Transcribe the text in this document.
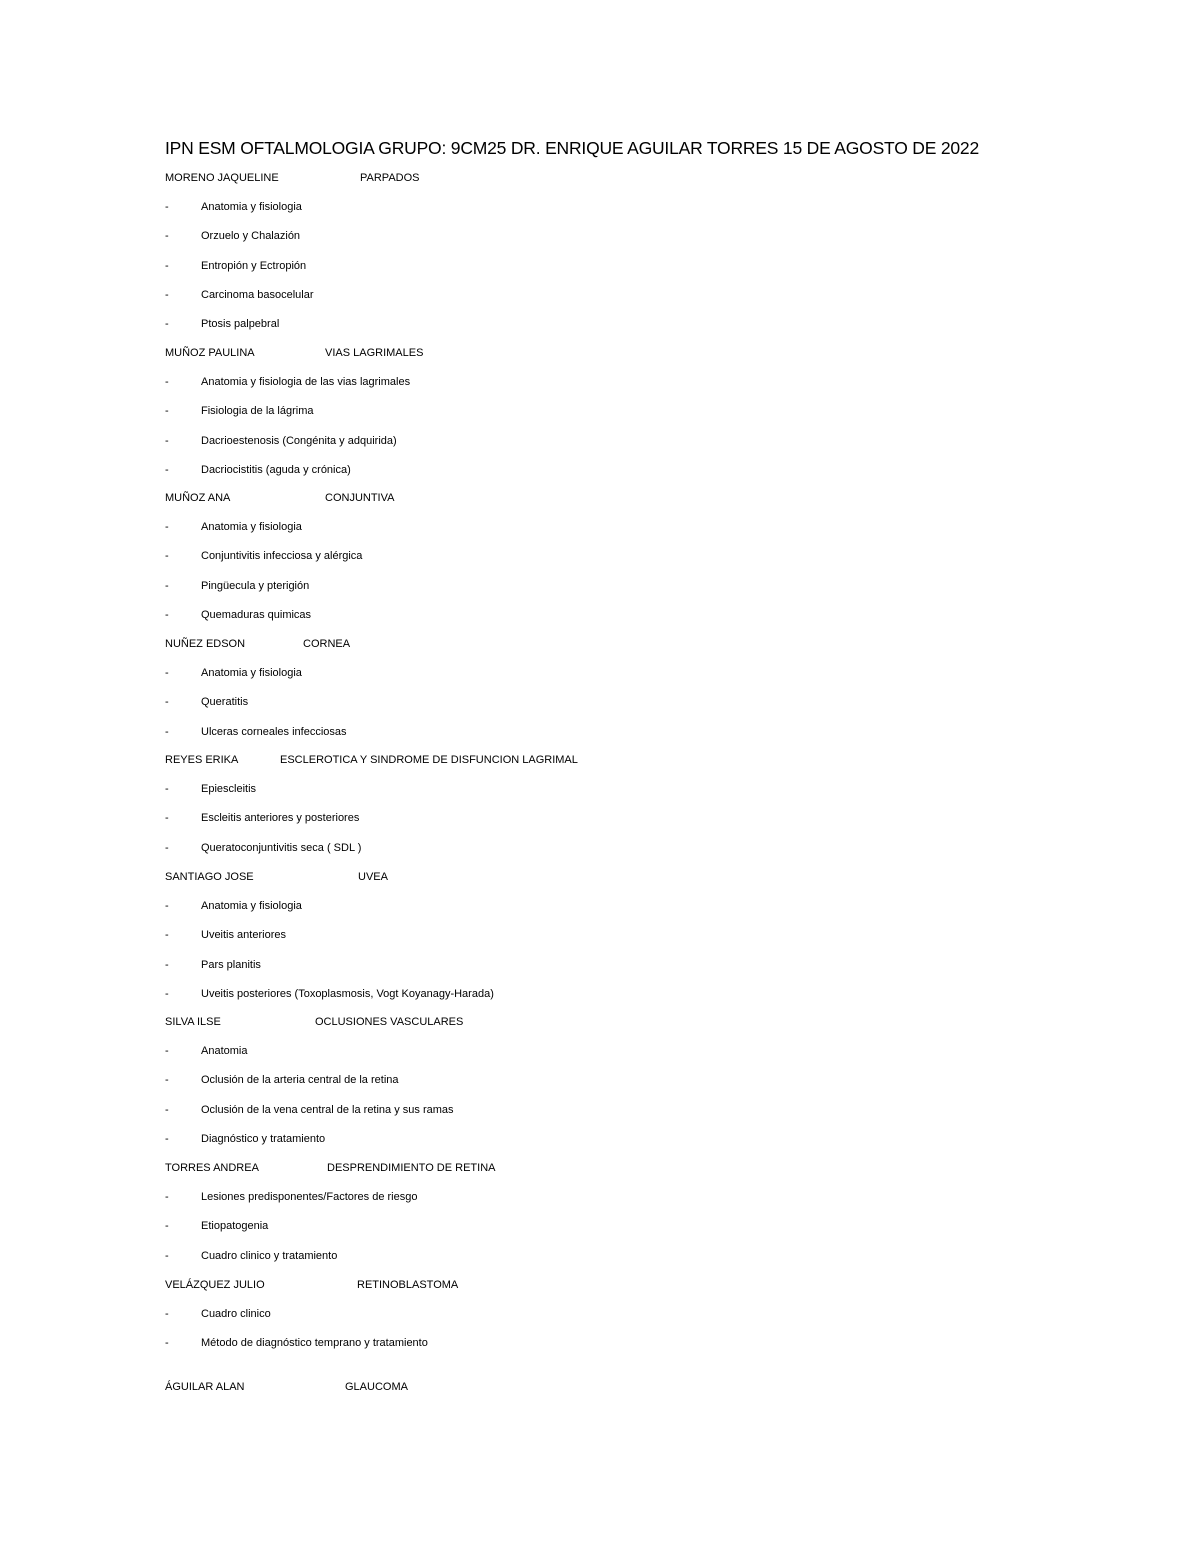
IPN ESM OFTALMOLOGIA GRUPO: 9CM25 DR. ENRIQUE AGUILAR TORRES 15 DE AGOSTO DE 2022
MORENO JAQUELINE	PARPADOS
-	Anatomia y fisiologia
-	Orzuelo y Chalazión
-	Entropión y Ectropión
-	Carcinoma basocelular
-	Ptosis palpebral
MUÑOZ PAULINA	VIAS LAGRIMALES
-	Anatomia y fisiologia de las vias lagrimales
-	Fisiologia de la lágrima
-	Dacrioestenosis (Congénita y adquirida)
-	Dacriocistitis (aguda y crónica)
MUÑOZ ANA	CONJUNTIVA
-	Anatomia y fisiologia
-	Conjuntivitis infecciosa y alérgica
-	Pingüecula y pterigión
-	Quemaduras quimicas
NUÑEZ EDSON	CORNEA
-	Anatomia y fisiologia
-	Queratitis
-	Ulceras corneales infecciosas
REYES ERIKA	ESCLEROTICA Y SINDROME DE DISFUNCION LAGRIMAL
-	Epiescleitis
-	Escleitis anteriores y posteriores
-	Queratoconjuntivitis seca ( SDL )
SANTIAGO JOSE	UVEA
-	Anatomia y fisiologia
-	Uveitis anteriores
-	Pars planitis
-	Uveitis posteriores (Toxoplasmosis, Vogt Koyanagy-Harada)
SILVA ILSE	OCLUSIONES VASCULARES
-	Anatomia
-	Oclusión de la arteria central de la retina
-	Oclusión de la vena central de la retina y sus ramas
-	Diagnóstico y tratamiento
TORRES ANDREA	DESPRENDIMIENTO DE RETINA
-	Lesiones predisponentes/Factores de riesgo
-	Etiopatogenia
-	Cuadro clinico y tratamiento
VELÁZQUEZ JULIO	RETINOBLASTOMA
-	Cuadro clinico
-	Método de diagnóstico temprano y tratamiento
ÁGUILAR ALAN	GLAUCOMA
